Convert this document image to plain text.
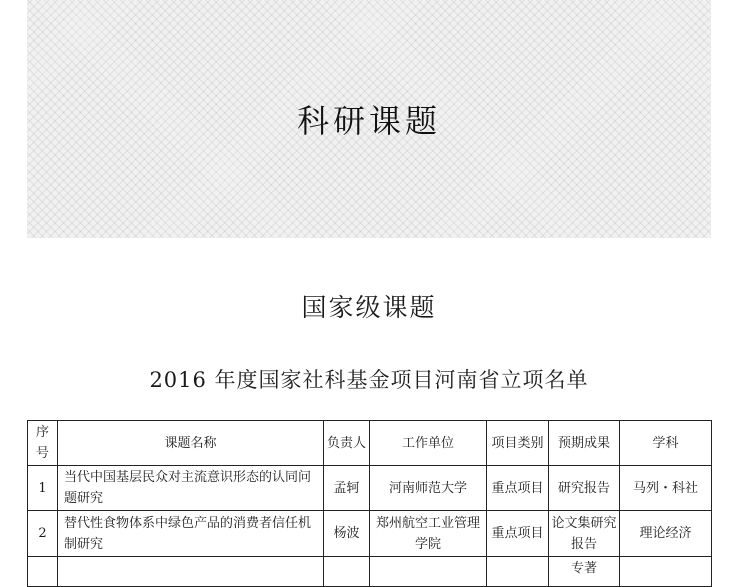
科研课题
国家级课题
2016 年度国家社科基金项目河南省立项名单
序号	课题名称	负责人	工作单位	项目类别	预期成果	学科
1	当代中国基层民众对主流意识形态的认同问题研究	孟轲	河南师范大学	重点项目	研究报告	马列・科社
2	替代性食物体系中绿色产品的消费者信任机制研究	杨波	郑州航空工业管理学院	重点项目	论文集研究报告	理论经济
					专著	
